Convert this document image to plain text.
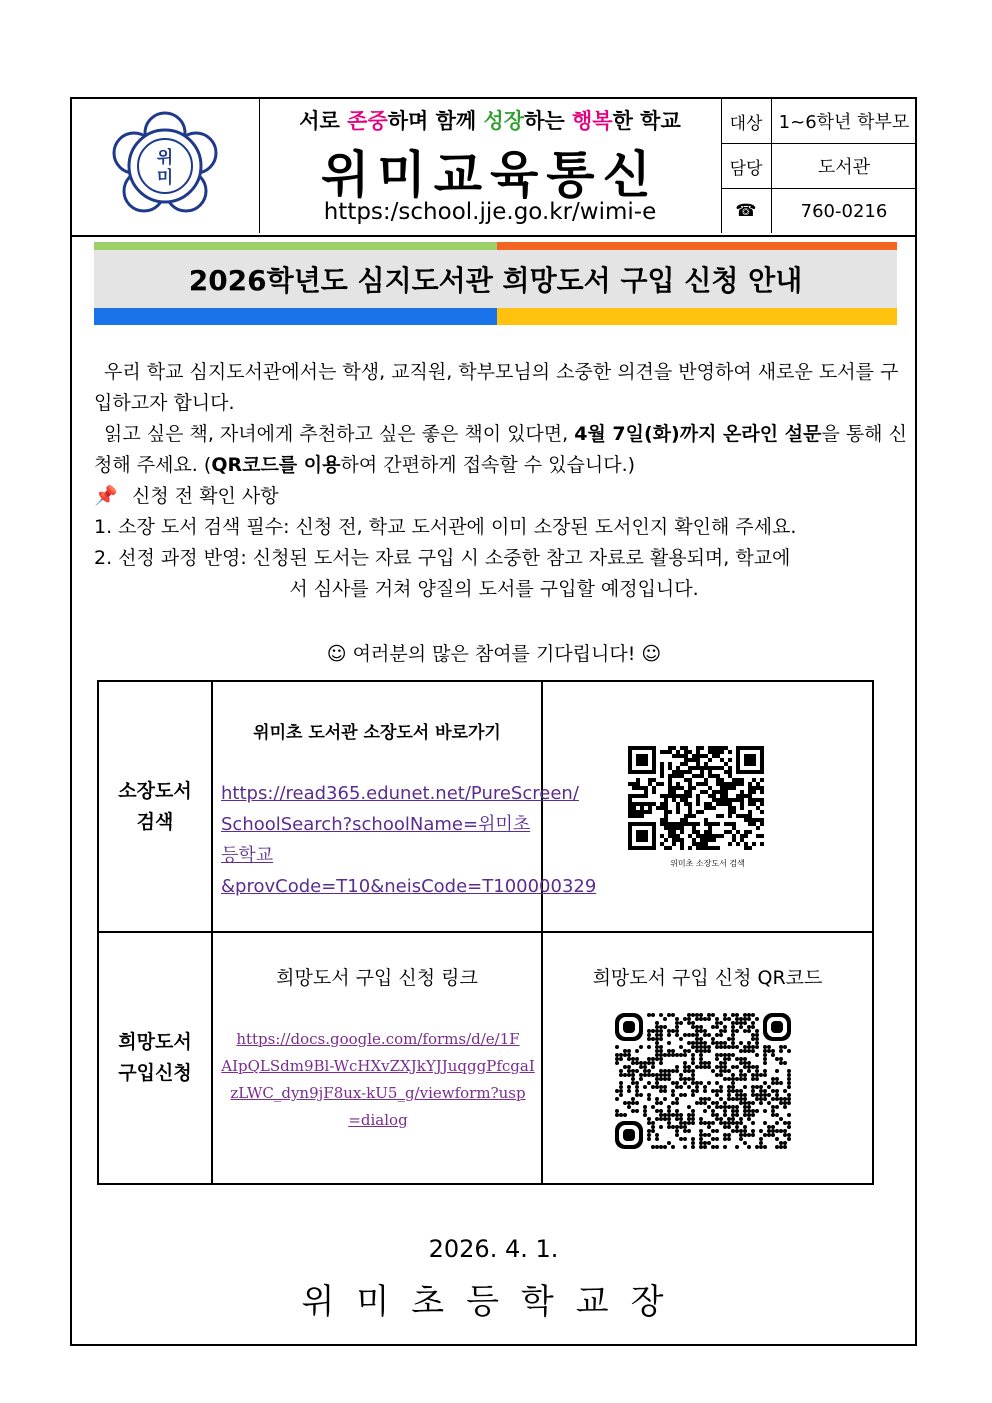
위
미
서로 존중하며 함께 성장하는 행복한 학교
위미교육통신
https:/school.jje.go.kr/wimi-e
대상 1~6학년 학부모
담당	도서관
☎	760-0216
2026학년도 심지도서관 희망도서 구입 신청 안내
우리 학교 심지도서관에서는 학생, 교직원, 학부모님의 소중한 의견을 반영하여 새로운 도서를 구입하고자 합니다.
읽고 싶은 책, 자녀에게 추천하고 싶은 좋은 책이 있다면, 4월 7일(화)까지 온라인 설문을 통해 신청해 주세요. (QR코드를 이용하여 간편하게 접속할 수 있습니다.)
📌 신청 전 확인 사항
1. 소장 도서 검색 필수: 신청 전, 학교 도서관에 이미 소장된 도서인지 확인해 주세요.
2. 선정 과정 반영: 신청된 도서는 자료 구입 시 소중한 참고 자료로 활용되며, 학교에
서 심사를 거쳐 양질의 도서를 구입할 예정입니다.
☺ 여러분의 많은 참여를 기다립니다! ☺
소장도서
검색
위미초 도서관 소장도서 바로가기
https://read365.edunet.net/PureScreen/
SchoolSearch?schoolName=위미초등학교
&provCode=T10&neisCode=T100000329
위미초 소장도서 검색
희망도서
구입신청
희망도서 구입 신청 링크
https://docs.google.com/forms/d/e/1F
AIpQLSdm9Bl-WcHXvZXJkYJJuqggPfcgaI
zLWC_dyn9jF8ux-kU5_g/viewform?usp
=dialog
희망도서 구입 신청 QR코드
2026. 4. 1.
위미초등학교장
